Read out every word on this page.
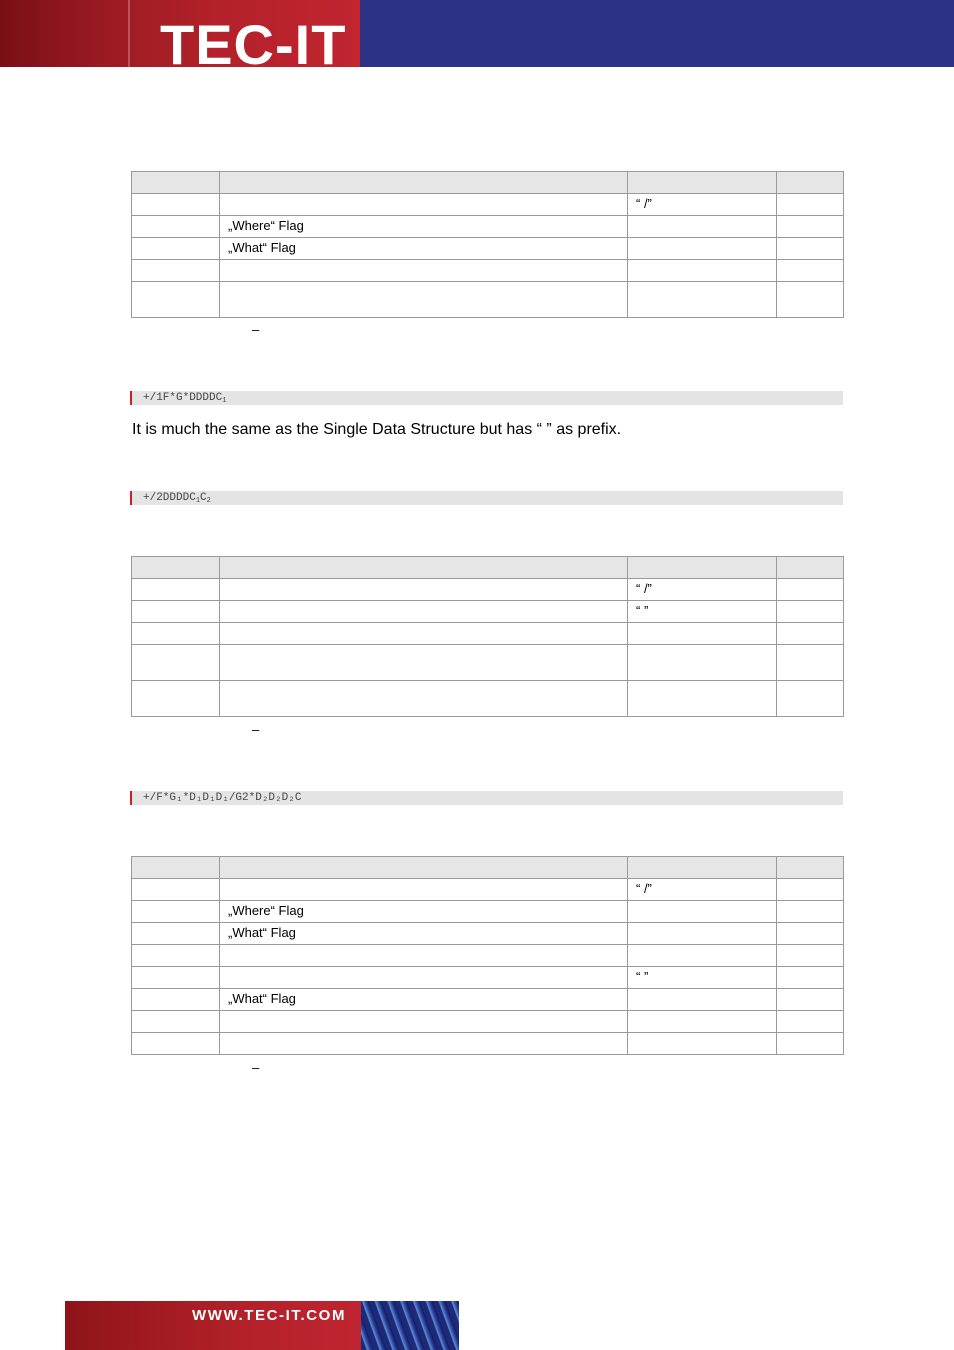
TEC-IT

		“ /”	
	„Where“ Flag		
	„What“ Flag		

–
$+/1F*G*DDDDC_1$
It is much the same as the Single Data Structure but has “ ” as prefix.
$+/2DDDDC_1C_2$

		“ /”	
		“ ”	

–
+/F*G₁*D₁D₁D₁/G2*D₂D₂D₂C

		“ /”	
	„Where“ Flag		
	„What“ Flag		

		“ ”	
	„What“ Flag		

–
WWW.TEC-IT.COM
